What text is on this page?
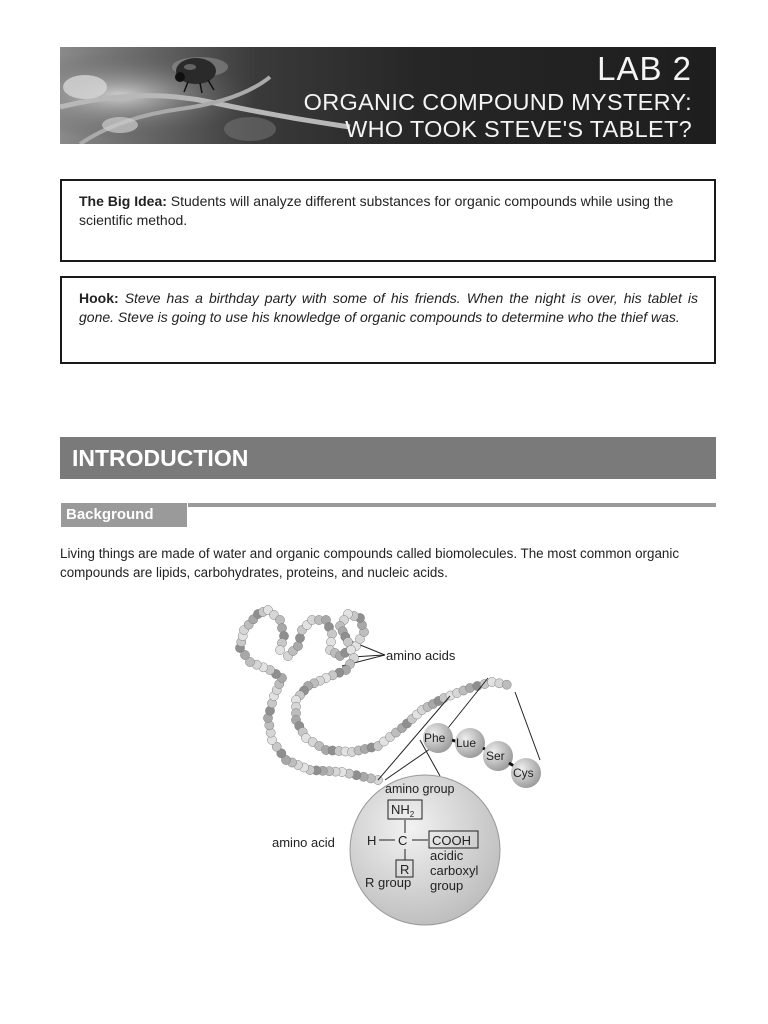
LAB 2
ORGANIC COMPOUND MYSTERY:
WHO TOOK STEVE'S TABLET?
The Big Idea: Students will analyze different substances for organic compounds while using the scientific method.
Hook: Steve has a birthday party with some of his friends. When the night is over, his tablet is gone. Steve is going to use his knowledge of organic compounds to determine who the thief was.
INTRODUCTION
Background
Living things are made of water and organic compounds called biomolecules. The most common organic compounds are lipids, carbohydrates, proteins, and nucleic acids.
Phe Lue
Ser
Cys
amino acids
amino group
$NH_2$
amino acid H C COOH
R
R group
acidic
carboxyl
group
